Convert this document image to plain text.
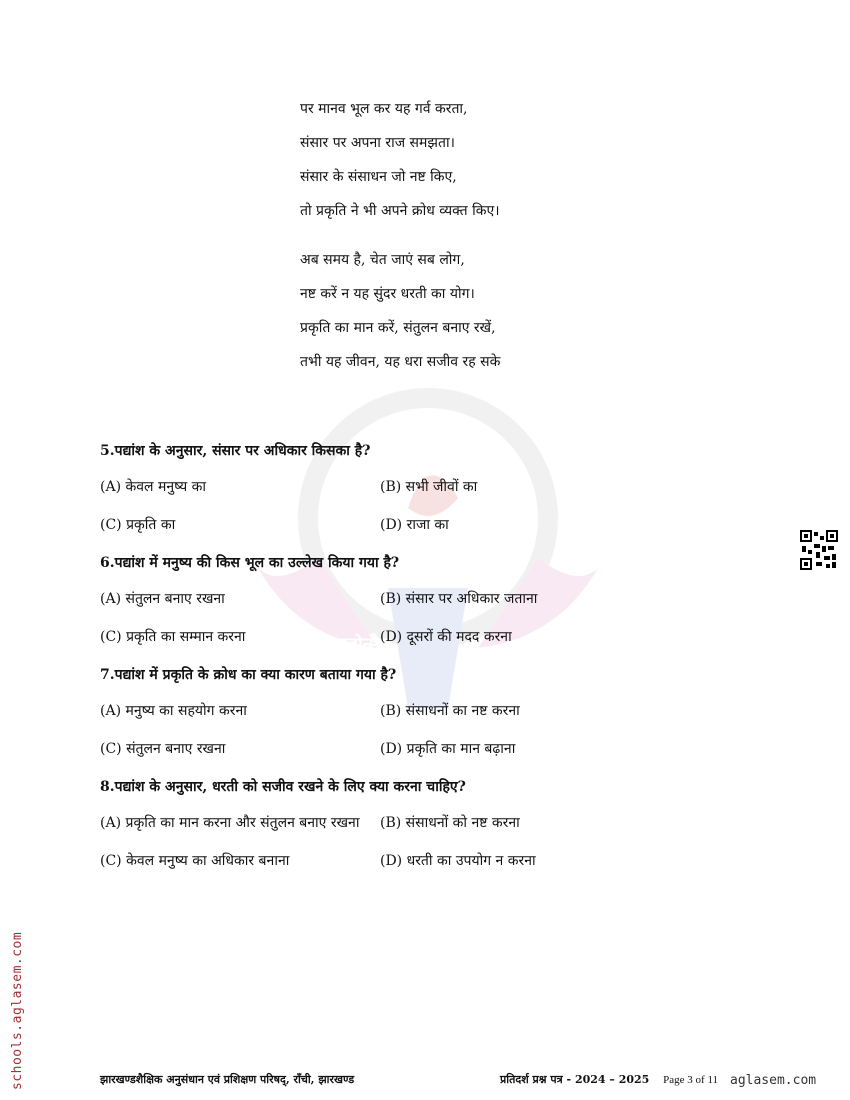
नवोन्मेष

पर मानव भूल कर यह गर्व करता,

संसार पर अपना राज समझता।

संसार के संसाधन जो नष्ट किए,

तो प्रकृति ने भी अपने क्रोध व्यक्त किए।

अब समय है, चेत जाएं सब लोग,

नष्ट करें न यह सुंदर धरती का योग।

प्रकृति का मान करें, संतुलन बनाए रखें,

तभी यह जीवन, यह धरा सजीव रह सके

5.पद्यांश के अनुसार, संसार पर अधिकार किसका है?

(A) केवल मनुष्य का	(B) सभी जीवों का
(C) प्रकृति का	(D) राजा का

6.पद्यांश में मनुष्य की किस भूल का उल्लेख किया गया है?

(A) संतुलन बनाए रखना	(B) संसार पर अधिकार जताना
(C) प्रकृति का सम्मान करना	(D) दूसरों की मदद करना

7.पद्यांश में प्रकृति के क्रोध का क्या कारण बताया गया है?

(A) मनुष्य का सहयोग करना	(B) संसाधनों का नष्ट करना
(C) संतुलन बनाए रखना	(D) प्रकृति का मान बढ़ाना

8.पद्यांश के अनुसार, धरती को सजीव रखने के लिए क्या करना चाहिए?

(A) प्रकृति का मान करना और संतुलन बनाए रखना	(B) संसाधनों को नष्ट करना
(C) केवल मनुष्य का अधिकार बनाना	(D) धरती का उपयोग न करना
schools.aglasem.com	झारखण्डशैक्षिक अनुसंधान एवं प्रशिक्षण परिषद्, राँची, झारखण्ड	प्रतिदर्श प्रश्न पत्र - 2024 – 2025 Page 3 of 11 aglasem.com
